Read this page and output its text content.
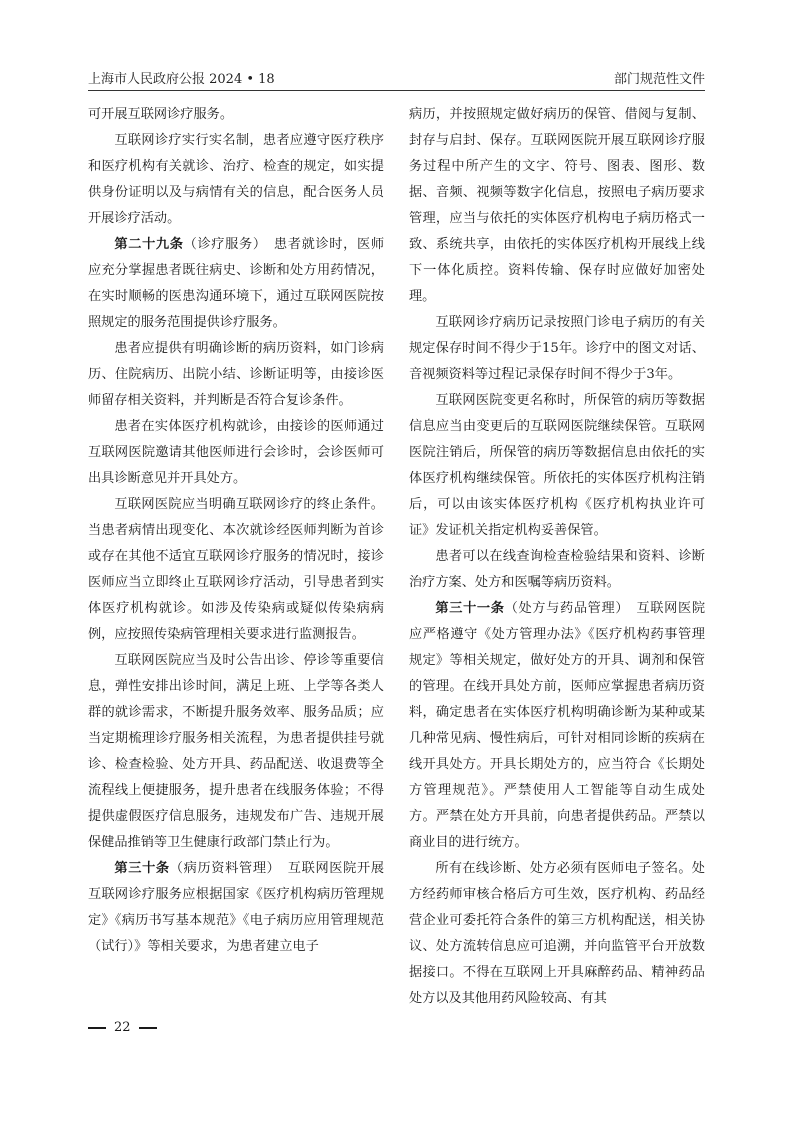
上海市人民政府公报 2024 • 18	部门规范性文件

可开展互联网诊疗服务。

互联网诊疗实行实名制，患者应遵守医疗秩序和医疗机构有关就诊、治疗、检查的规定，如实提供身份证明以及与病情有关的信息，配合医务人员开展诊疗活动。

第二十九条（诊疗服务）　 患者就诊时，医师应充分掌握患者既往病史、诊断和处方用药情况，在实时顺畅的医患沟通环境下，通过互联网医院按照规定的服务范围提供诊疗服务。

患者应提供有明确诊断的病历资料，如门诊病历、住院病历、出院小结、诊断证明等，由接诊医师留存相关资料，并判断是否符合复诊条件。

患者在实体医疗机构就诊，由接诊的医师通过互联网医院邀请其他医师进行会诊时，会诊医师可出具诊断意见并开具处方。

互联网医院应当明确互联网诊疗的终止条件。当患者病情出现变化、本次就诊经医师判断为首诊或存在其他不适宜互联网诊疗服务的情况时，接诊医师应当立即终止互联网诊疗活动，引导患者到实体医疗机构就诊。如涉及传染病或疑似传染病病例，应按照传染病管理相关要求进行监测报告。

互联网医院应当及时公告出诊、停诊等重要信息，弹性安排出诊时间，满足上班、上学等各类人群的就诊需求，不断提升服务效率、服务品质；应当定期梳理诊疗服务相关流程，为患者提供挂号就诊、检查检验、处方开具、药品配送、收退费等全流程线上便捷服务，提升患者在线服务体验；不得提供虚假医疗信息服务，违规发布广告、违规开展保健品推销等卫生健康行政部门禁止行为。

第三十条（病历资料管理）　 互联网医院开展互联网诊疗服务应根据国家《医疗机构病历管理规定》《病历书写基本规范》《电子病历应用管理规范（试行）》等相关要求，为患者建立电子

病历，并按照规定做好病历的保管、借阅与复制、封存与启封、保存。互联网医院开展互联网诊疗服务过程中所产生的文字、符号、图表、图形、数据、音频、视频等数字化信息，按照电子病历要求管理，应当与依托的实体医疗机构电子病历格式一致、系统共享，由依托的实体医疗机构开展线上线下一体化质控。资料传输、保存时应做好加密处理。

互联网诊疗病历记录按照门诊电子病历的有关规定保存时间不得少于15年。诊疗中的图文对话、音视频资料等过程记录保存时间不得少于3年。

互联网医院变更名称时，所保管的病历等数据信息应当由变更后的互联网医院继续保管。互联网医院注销后，所保管的病历等数据信息由依托的实体医疗机构继续保管。所依托的实体医疗机构注销后，可以由该实体医疗机构《医疗机构执业许可证》发证机关指定机构妥善保管。

患者可以在线查询检查检验结果和资料、诊断治疗方案、处方和医嘱等病历资料。

第三十一条（处方与药品管理）　 互联网医院应严格遵守《处方管理办法》《医疗机构药事管理规定》等相关规定，做好处方的开具、调剂和保管的管理。在线开具处方前，医师应掌握患者病历资料，确定患者在实体医疗机构明确诊断为某种或某几种常见病、慢性病后，可针对相同诊断的疾病在线开具处方。开具长期处方的，应当符合《长期处方管理规范》。严禁使用人工智能等自动生成处方。严禁在处方开具前，向患者提供药品。严禁以商业目的进行统方。

所有在线诊断、处方必须有医师电子签名。处方经药师审核合格后方可生效，医疗机构、药品经营企业可委托符合条件的第三方机构配送，相关协议、处方流转信息应可追溯，并向监管平台开放数据接口。不得在互联网上开具麻醉药品、精神药品处方以及其他用药风险较高、有其

22
